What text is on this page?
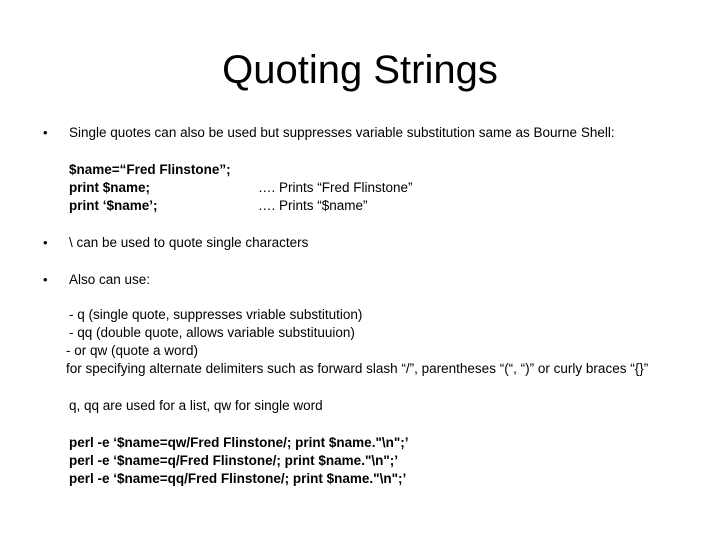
Quoting Strings
• Single quotes can also be used but suppresses variable substitution same as Bourne Shell:
$name=“Fred Flinstone”;
print $name;	…. Prints “Fred Flinstone”
print ‘$name’;	…. Prints “$name”
• \ can be used to quote single characters
• Also can use:
- q (single quote, suppresses vriable substitution)
- qq (double quote, allows variable substituuion)
- or qw (quote a word)
for specifying alternate delimiters such as forward slash “/”, parentheses “(“, “)” or curly braces “{}”
q, qq are used for a list, qw for single word
perl -e ‘$name=qw/Fred Flinstone/; print $name."\n";’
perl -e ‘$name=q/Fred Flinstone/; print $name."\n";’
perl -e ‘$name=qq/Fred Flinstone/; print $name."\n";’
